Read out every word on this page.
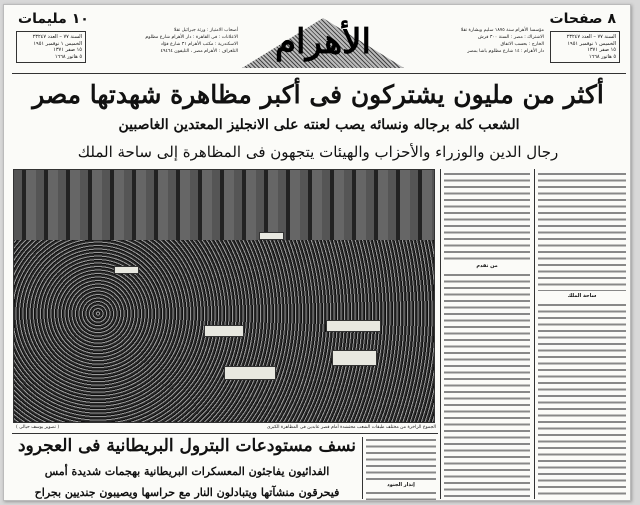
١٠ مليمات	٨ صفحات
السنة ٧٧ – العدد ٢٣٢٤٧
الخميس ١ نوفمبر ١٩٥١
١٥ صفر ١٣٧١
٥ هاتور ١٦٦٨
السنة ٧٧ – العدد ٢٣٢٤٧
الخميس ١ نوفمبر ١٩٥١
١٥ صفر ١٣٧١
٥ هاتور ١٦٦٨
أصحاب الامتياز : ورثة جبرائيل تقلا
الاعلانات : فى القاهرة : دار الأهرام شارع مظلوم
الاسكندرية : مكتب الأهرام ٣١ شارع فؤاد
التلغراف : الأهرام مصر ، التليفون ٤٩٤٦٤
مؤسسا الأهرام سنة ١٨٧٥ سليم وبشارة تقلا
الاشتراك : مصر : السنة ٣٠٠ قرش
الخارج : بحسب الاتفاق
دار الأهرام : ١٤ شارع مظلوم باشا بمصر
الأهرام
أكثر من مليون يشتركون فى أكبر مظاهرة شهدتها مصر
الشعب كله برجاله ونسائه يصب لعنته على الانجليز المعتدين الغاصبين
رجال الدين والوزراء والأحزاب والهيئات يتجهون فى المظاهرة إلى ساحة الملك
الجموع الزاخرة من مختلف طبقات الشعب محتشدة أمام قصر عابدين فى المظاهرة الكبرى
( تصوير يوسف حيالى )
من تقدم
ساحة الملك
نسف مستودعات البترول البريطانية فى العجرود
الفدائيون يفاجئون المعسكرات البريطانية بهجمات شديدة أمس
فيحرقون منشآتها ويتبادلون النار مع حراسها ويصيبون جنديين بجراح
إنذار الجنود
